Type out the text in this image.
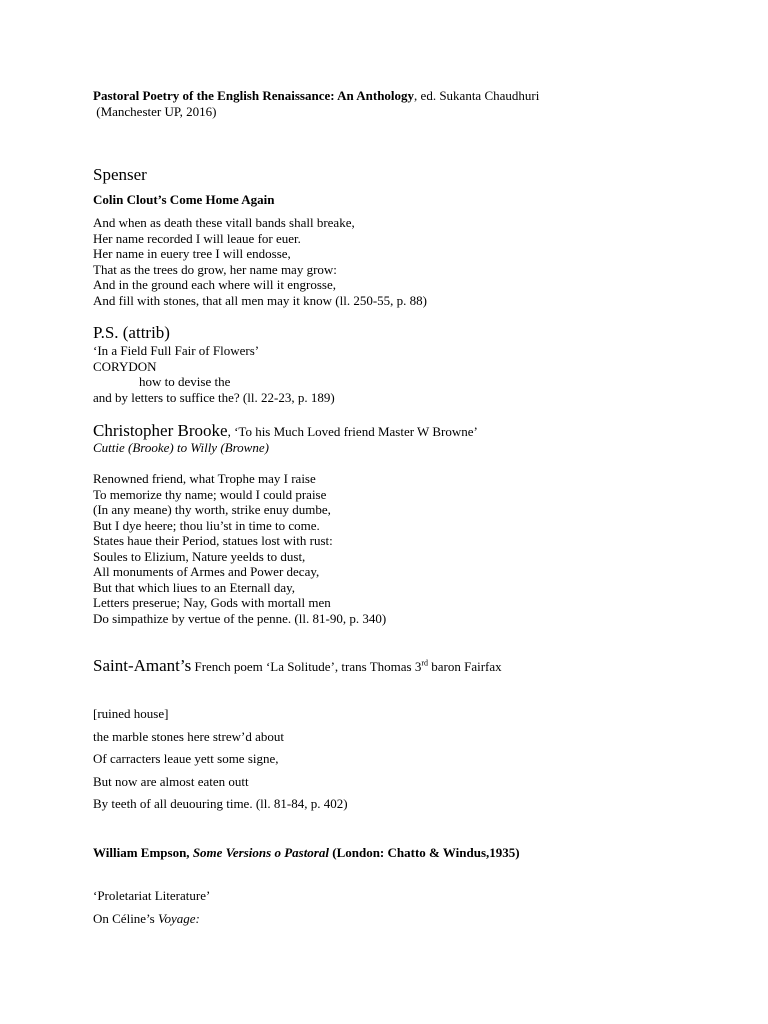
Pastoral Poetry of the English Renaissance: An Anthology, ed. Sukanta Chaudhuri
(Manchester UP, 2016)
Spenser
Colin Clout’s Come Home Again
And when as death these vitall bands shall breake,
Her name recorded I will leaue for euer.
Her name in euery tree I will endosse,
That as the trees do grow, her name may grow:
And in the ground each where will it engrosse,
And fill with stones, that all men may it know (ll. 250-55, p. 88)
P.S. (attrib)
‘In a Field Full Fair of Flowers’
CORYDON
how to devise the
and by letters to suffice the? (ll. 22-23, p. 189)
Christopher Brooke, ‘To his Much Loved friend Master W Browne’
Cuttie (Brooke) to Willy (Browne)
Renowned friend, what Trophe may I raise
To memorize thy name; would I could praise
(In any meane) thy worth, strike enuy dumbe,
But I dye heere; thou liu’st in time to come.
States haue their Period, statues lost with rust:
Soules to Elizium, Nature yeelds to dust,
All monuments of Armes and Power decay,
But that which liues to an Eternall day,
Letters preserue; Nay, Gods with mortall men
Do simpathize by vertue of the penne. (ll. 81-90, p. 340)
Saint-Amant’s French poem ‘La Solitude’, trans Thomas 3rd baron Fairfax
[ruined house]
the marble stones here strew’d about
Of carracters leaue yett some signe,
But now are almost eaten outt
By teeth of all deuouring time. (ll. 81-84, p. 402)
William Empson, Some Versions o Pastoral (London: Chatto & Windus,1935)
‘Proletariat Literature’
On Céline’s Voyage:
